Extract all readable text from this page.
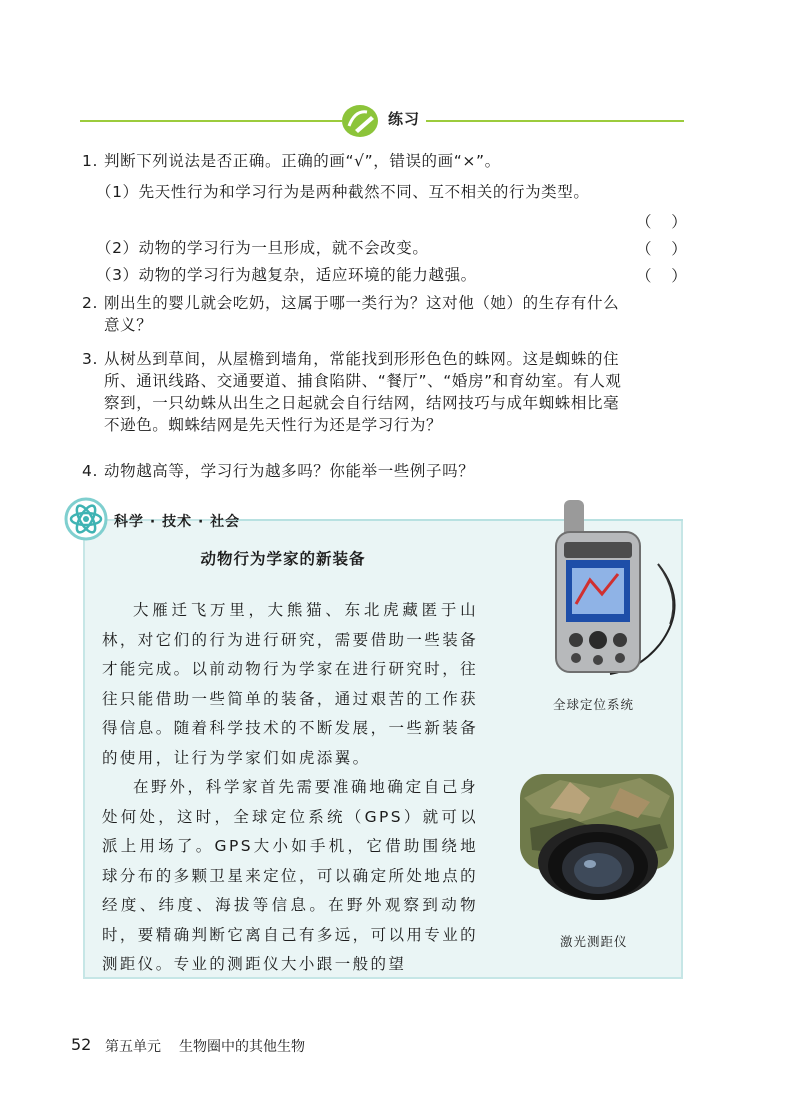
练习
1. 判断下列说法是否正确。正确的画“√”，错误的画“×”。
（1）先天性行为和学习行为是两种截然不同、互不相关的行为类型。
（    ）
（2）动物的学习行为一旦形成，就不会改变。	（    ）
（3）动物的学习行为越复杂，适应环境的能力越强。	（    ）
2. 刚出生的婴儿就会吃奶，这属于哪一类行为？这对他（她）的生存有什么
意义？
3. 从树丛到草间，从屋檐到墙角，常能找到形形色色的蛛网。这是蜘蛛的住
所、通讯线路、交通要道、捕食陷阱、“餐厅”、“婚房”和育幼室。有人观
察到，一只幼蛛从出生之日起就会自行结网，结网技巧与成年蜘蛛相比毫
不逊色。蜘蛛结网是先天性行为还是学习行为？
4. 动物越高等，学习行为越多吗？你能举一些例子吗？
科学 · 技术 · 社会
动物行为学家的新装备

大雁迁飞万里，大熊猫、东北虎藏匿于山林，对它们的行为进行研究，需要借助一些装备才能完成。以前动物行为学家在进行研究时，往往只能借助一些简单的装备，通过艰苦的工作获得信息。随着科学技术的不断发展，一些新装备的使用，让行为学家们如虎添翼。

在野外，科学家首先需要准确地确定自己身处何处，这时，全球定位系统（GPS）就可以派上用场了。GPS大小如手机，它借助围绕地球分布的多颗卫星来定位，可以确定所处地点的经度、纬度、海拔等信息。在野外观察到动物时，要精确判断它离自己有多远，可以用专业的测距仪。专业的测距仪大小跟一般的望

全球定位系统
激光测距仪
52 第五单元 生物圈中的其他生物
